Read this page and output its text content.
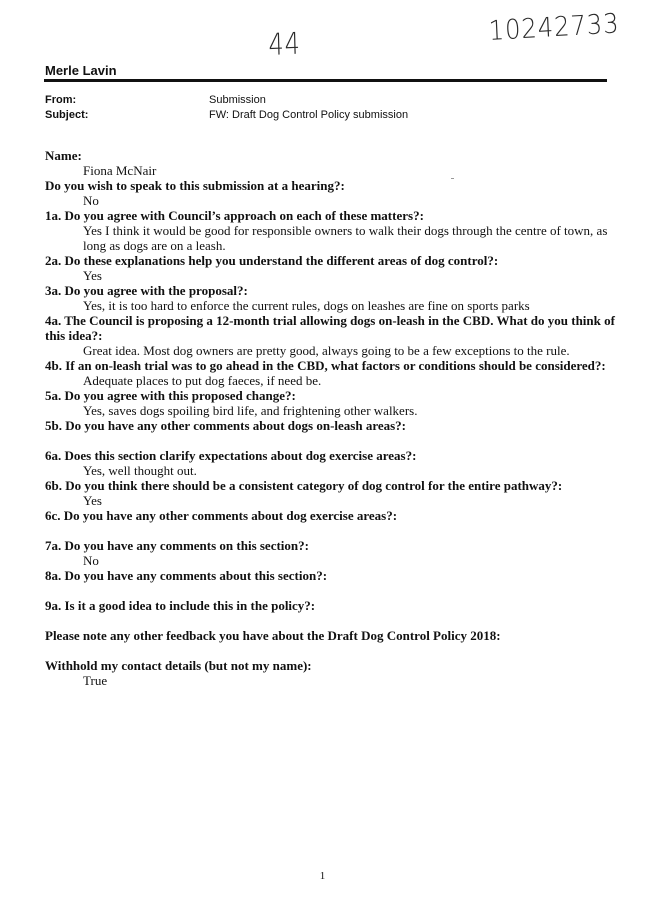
44	10242733
Merle Lavin
From:	Submission
Subject:	FW: Draft Dog Control Policy submission
Name:
Fiona McNair
Do you wish to speak to this submission at a hearing?:
No
1a. Do you agree with Council’s approach on each of these matters?:
Yes I think it would be good for responsible owners to walk their dogs through the centre of town, as long as dogs are on a leash.
2a. Do these explanations help you understand the different areas of dog control?:
Yes
3a. Do you agree with the proposal?:
Yes, it is too hard to enforce the current rules, dogs on leashes are fine on sports parks
4a. The Council is proposing a 12-month trial allowing dogs on-leash in the CBD. What do you think of this idea?:
Great idea. Most dog owners are pretty good, always going to be a few exceptions to the rule.
4b. If an on-leash trial was to go ahead in the CBD, what factors or conditions should be considered?:
Adequate places to put dog faeces, if need be.
5a. Do you agree with this proposed change?:
Yes, saves dogs spoiling bird life, and frightening other walkers.
5b. Do you have any other comments about dogs on-leash areas?:
6a. Does this section clarify expectations about dog exercise areas?:
Yes, well thought out.
6b. Do you think there should be a consistent category of dog control for the entire pathway?:
Yes
6c. Do you have any other comments about dog exercise areas?:
7a. Do you have any comments on this section?:
No
8a. Do you have any comments about this section?:
9a. Is it a good idea to include this in the policy?:
Please note any other feedback you have about the Draft Dog Control Policy 2018:
Withhold my contact details (but not my name):
True
1
